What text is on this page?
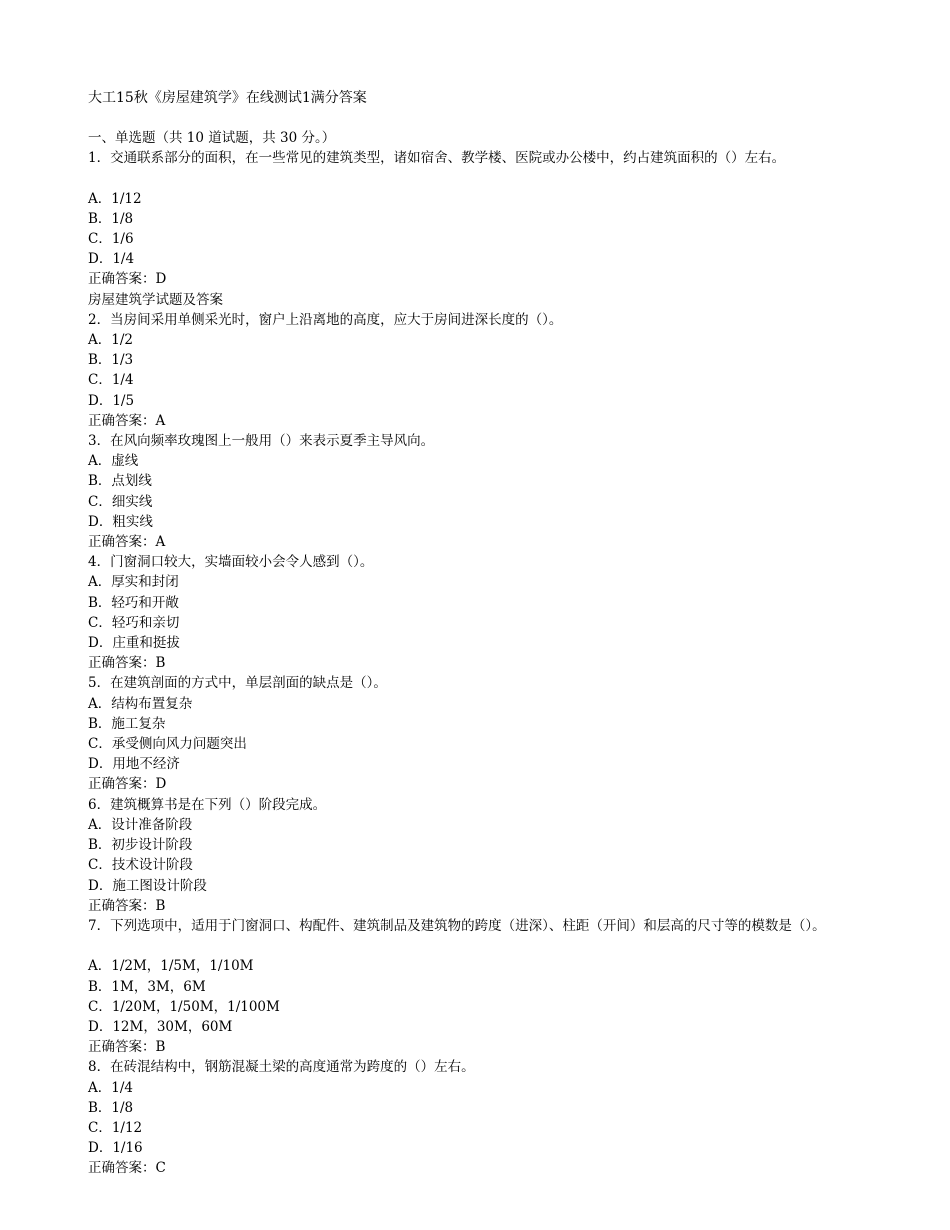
大工15秋《房屋建筑学》在线测试1满分答案
一、单选题（共 10 道试题，共 30 分。）
1．交通联系部分的面积，在一些常见的建筑类型，诸如宿舍、教学楼、医院或办公楼中，约占建筑面积的（）左右。
A．1/12
B．1/8
C．1/6
D．1/4
正确答案：D
房屋建筑学试题及答案
2．当房间采用单侧采光时，窗户上沿离地的高度，应大于房间进深长度的（）。
A．1/2
B．1/3
C．1/4
D．1/5
正确答案：A
3．在风向频率玫瑰图上一般用（）来表示夏季主导风向。
A．虚线
B．点划线
C．细实线
D．粗实线
正确答案：A
4．门窗洞口较大，实墙面较小会令人感到（）。
A．厚实和封闭
B．轻巧和开敞
C．轻巧和亲切
D．庄重和挺拔
正确答案：B
5．在建筑剖面的方式中，单层剖面的缺点是（）。
A．结构布置复杂
B．施工复杂
C．承受侧向风力问题突出
D．用地不经济
正确答案：D
6．建筑概算书是在下列（）阶段完成。
A．设计准备阶段
B．初步设计阶段
C．技术设计阶段
D．施工图设计阶段
正确答案：B
7．下列选项中，适用于门窗洞口、构配件、建筑制品及建筑物的跨度（进深）、柱距（开间）和层高的尺寸等的模数是（）。
A．1/2M，1/5M，1/10M
B．1M，3M，6M
C．1/20M，1/50M，1/100M
D．12M，30M，60M
正确答案：B
8．在砖混结构中，钢筋混凝土梁的高度通常为跨度的（）左右。
A．1/4
B．1/8
C．1/12
D．1/16
正确答案：C
